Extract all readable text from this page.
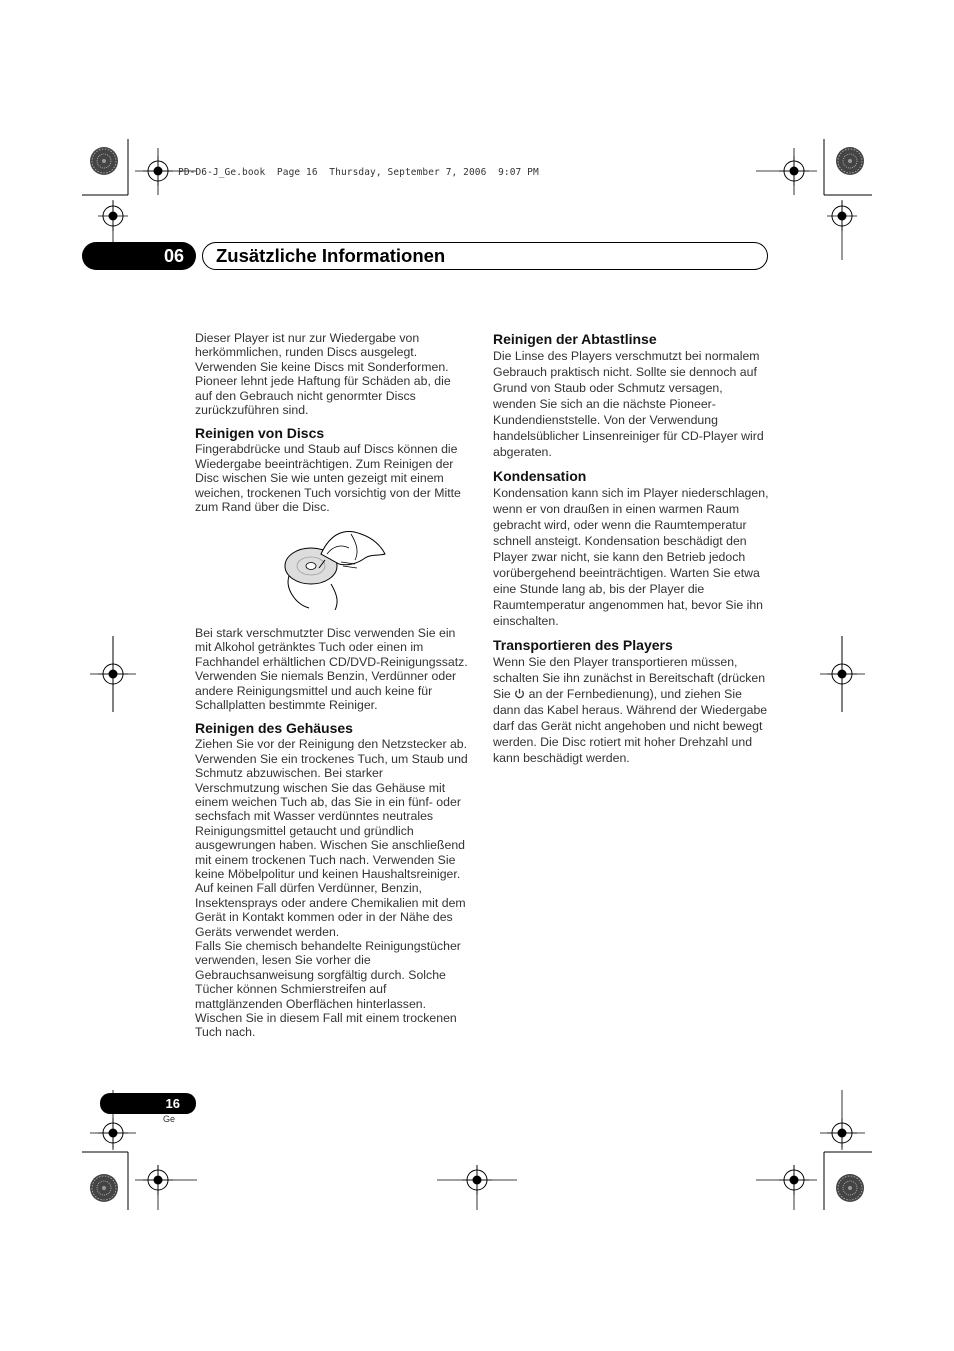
PD-D6-J_Ge.book  Page 16  Thursday, September 7, 2006  9:07 PM
06	Zusätzliche Informationen

Dieser Player ist nur zur Wiedergabe von herkömmlichen, runden Discs ausgelegt. Verwenden Sie keine Discs mit Sonderformen. Pioneer lehnt jede Haftung für Schäden ab, die auf den Gebrauch nicht genormter Discs zurückzuführen sind.

Reinigen von Discs

Fingerabdrücke und Staub auf Discs können die Wiedergabe beeinträchtigen. Zum Reinigen der Disc wischen Sie wie unten gezeigt mit einem weichen, trockenen Tuch vorsichtig von der Mitte zum Rand über die Disc.

Bei stark verschmutzter Disc verwenden Sie ein mit Alkohol getränktes Tuch oder einen im Fachhandel erhältlichen CD/DVD-Reinigungssatz. Verwenden Sie niemals Benzin, Verdünner oder andere Reinigungsmittel und auch keine für Schallplatten bestimmte Reiniger.

Reinigen des Gehäuses

Ziehen Sie vor der Reinigung den Netzstecker ab. Verwenden Sie ein trockenes Tuch, um Staub und Schmutz abzuwischen. Bei starker Verschmutzung wischen Sie das Gehäuse mit einem weichen Tuch ab, das Sie in ein fünf- oder sechsfach mit Wasser verdünntes neutrales Reinigungsmittel getaucht und gründlich ausgewrungen haben. Wischen Sie anschließend mit einem trockenen Tuch nach. Verwenden Sie keine Möbelpolitur und keinen Haushaltsreiniger. Auf keinen Fall dürfen Verdünner, Benzin, Insektensprays oder andere Chemikalien mit dem Gerät in Kontakt kommen oder in der Nähe des Geräts verwendet werden.

Falls Sie chemisch behandelte Reinigungstücher verwenden, lesen Sie vorher die Gebrauchsanweisung sorgfältig durch. Solche Tücher können Schmierstreifen auf mattglänzenden Oberflächen hinterlassen. Wischen Sie in diesem Fall mit einem trockenen Tuch nach.

Reinigen der Abtastlinse

Die Linse des Players verschmutzt bei normalem Gebrauch praktisch nicht. Sollte sie dennoch auf Grund von Staub oder Schmutz versagen, wenden Sie sich an die nächste Pioneer-Kundendienststelle. Von der Verwendung handelsüblicher Linsenreiniger für CD-Player wird abgeraten.

Kondensation

Kondensation kann sich im Player niederschlagen, wenn er von draußen in einen warmen Raum gebracht wird, oder wenn die Raumtemperatur schnell ansteigt. Kondensation beschädigt den Player zwar nicht, sie kann den Betrieb jedoch vorübergehend beeinträchtigen. Warten Sie etwa eine Stunde lang ab, bis der Player die Raumtemperatur angenommen hat, bevor Sie ihn einschalten.

Transportieren des Players

Wenn Sie den Player transportieren müssen, schalten Sie ihn zunächst in Bereitschaft (drücken Sie  an der Fernbedienung), und ziehen Sie dann das Kabel heraus. Während der Wiedergabe darf das Gerät nicht angehoben und nicht bewegt werden. Die Disc rotiert mit hoher Drehzahl und kann beschädigt werden.

16
Ge
